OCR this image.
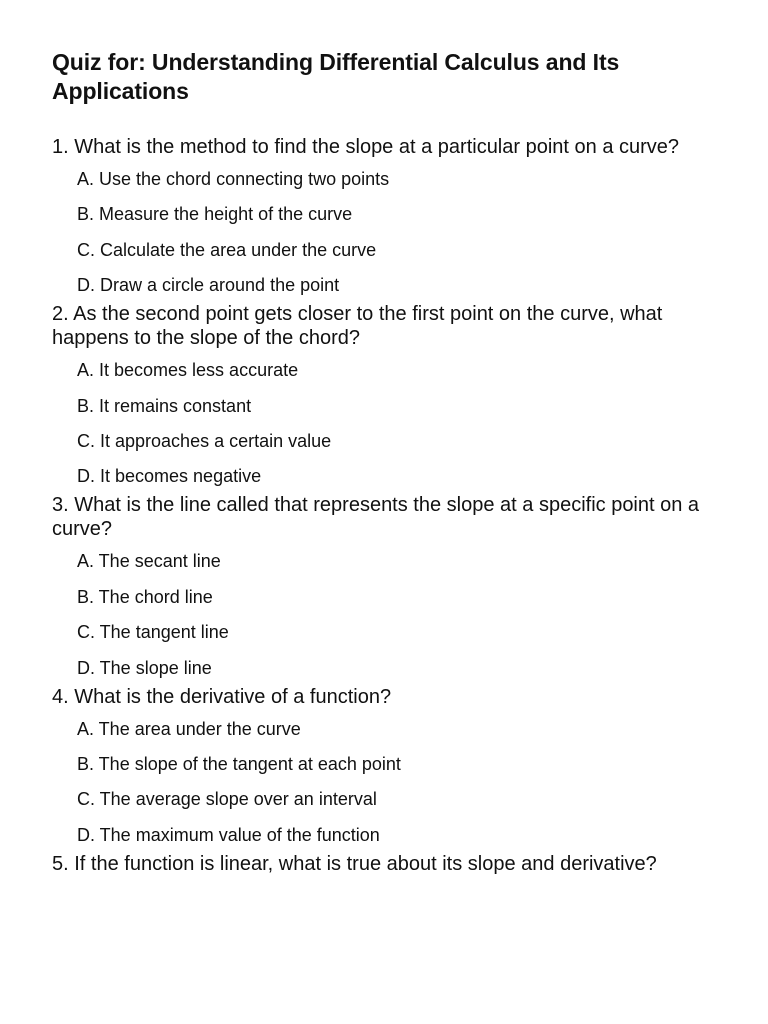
Quiz for: Understanding Differential Calculus and Its Applications

1. What is the method to find the slope at a particular point on a curve?

A. Use the chord connecting two points
B. Measure the height of the curve
C. Calculate the area under the curve
D. Draw a circle around the point

2. As the second point gets closer to the first point on the curve, what happens to the slope of the chord?

A. It becomes less accurate
B. It remains constant
C. It approaches a certain value
D. It becomes negative

3. What is the line called that represents the slope at a specific point on a curve?

A. The secant line
B. The chord line
C. The tangent line
D. The slope line

4. What is the derivative of a function?

A. The area under the curve
B. The slope of the tangent at each point
C. The average slope over an interval
D. The maximum value of the function

5. If the function is linear, what is true about its slope and derivative?
